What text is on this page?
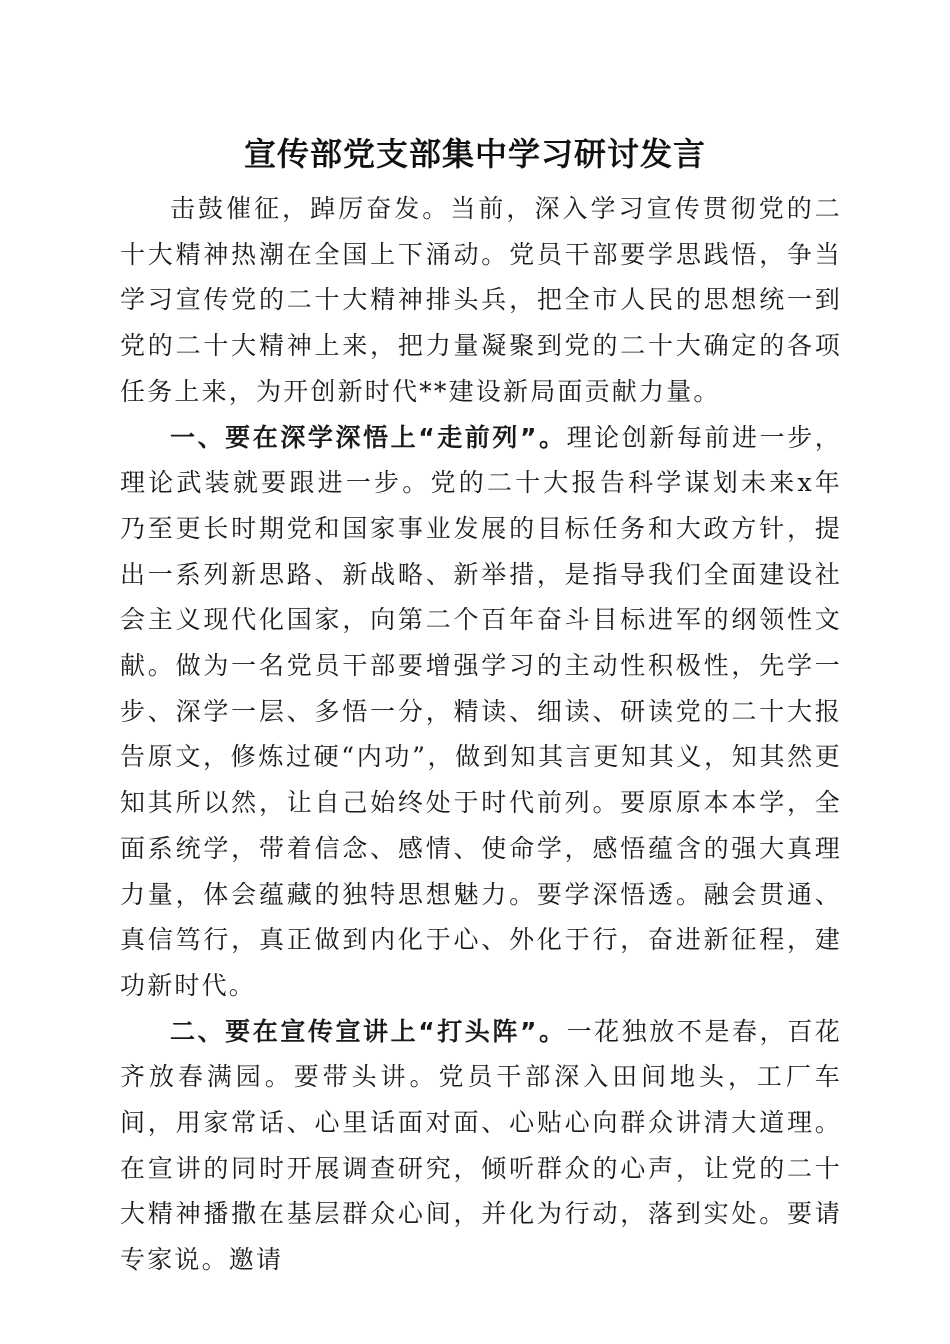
宣传部党支部集中学习研讨发言

击鼓催征，踔厉奋发。当前，深入学习宣传贯彻党的二十大精神热潮在全国上下涌动。党员干部要学思践悟，争当学习宣传党的二十大精神排头兵，把全市人民的思想统一到党的二十大精神上来，把力量凝聚到党的二十大确定的各项任务上来，为开创新时代**建设新局面贡献力量。

一、要在深学深悟上“走前列”。理论创新每前进一步，理论武装就要跟进一步。党的二十大报告科学谋划未来x年乃至更长时期党和国家事业发展的目标任务和大政方针，提出一系列新思路、新战略、新举措，是指导我们全面建设社会主义现代化国家，向第二个百年奋斗目标进军的纲领性文献。做为一名党员干部要增强学习的主动性积极性，先学一步、深学一层、多悟一分，精读、细读、研读党的二十大报告原文，修炼过硬“内功”，做到知其言更知其义，知其然更知其所以然，让自己始终处于时代前列。要原原本本学，全面系统学，带着信念、感情、使命学，感悟蕴含的强大真理力量，体会蕴藏的独特思想魅力。要学深悟透。融会贯通、真信笃行，真正做到内化于心、外化于行，奋进新征程，建功新时代。

二、要在宣传宣讲上“打头阵”。一花独放不是春，百花齐放春满园。要带头讲。党员干部深入田间地头，工厂车间，用家常话、心里话面对面、心贴心向群众讲清大道理。在宣讲的同时开展调查研究，倾听群众的心声，让党的二十大精神播撒在基层群众心间，并化为行动，落到实处。要请专家说。邀请
